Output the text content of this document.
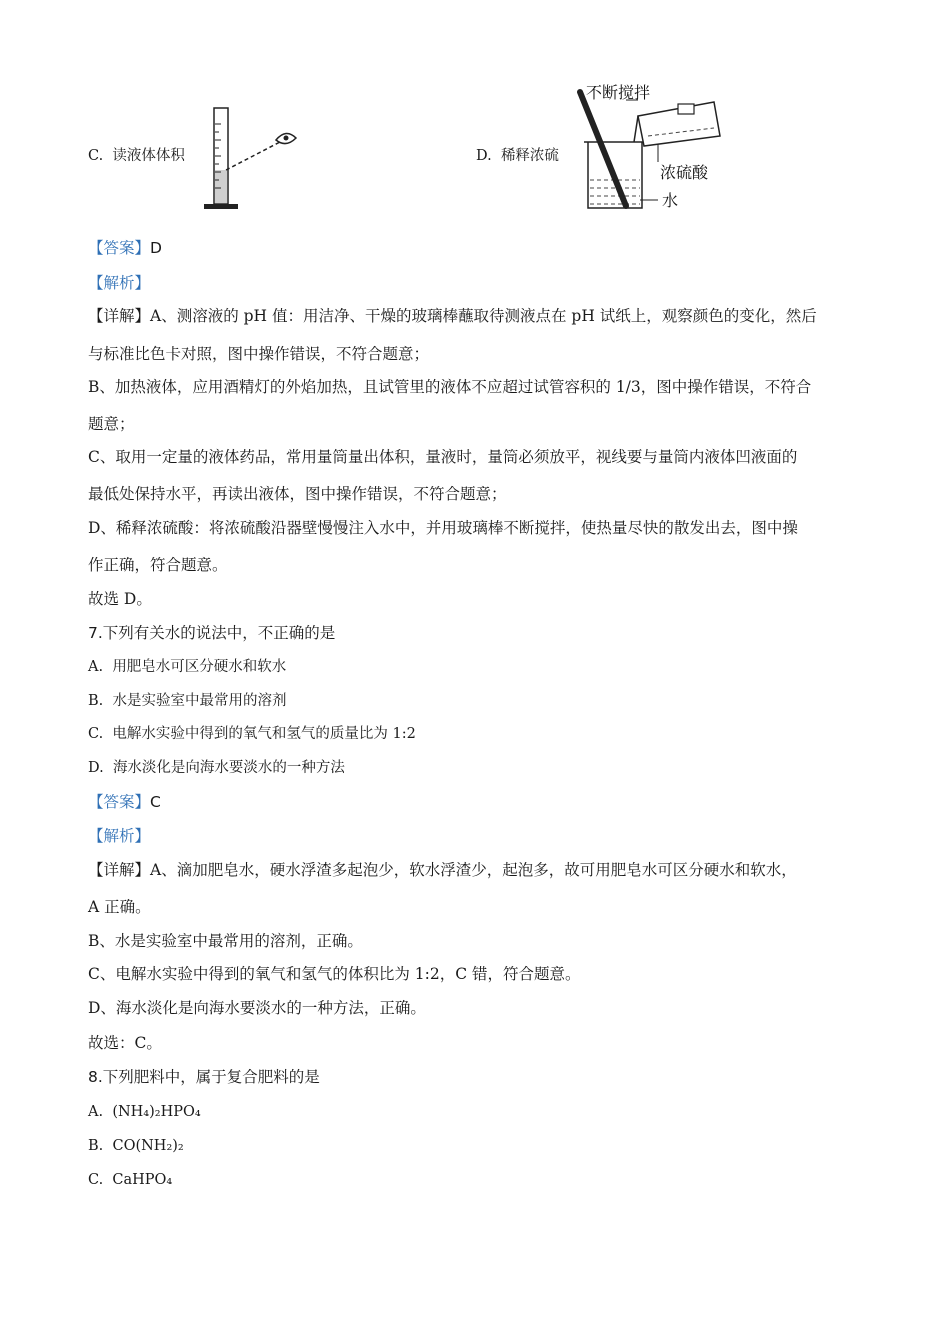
C. 读液体体积	D. 稀释浓硫
不断搅拌
浓硫酸
水
【答案】D
【解析】
【详解】A、测溶液的 pH 值：用洁净、干燥的玻璃棒蘸取待测液点在 pH 试纸上，观察颜色的变化，然后
与标准比色卡对照，图中操作错误，不符合题意；
B、加热液体，应用酒精灯的外焰加热，且试管里的液体不应超过试管容积的 1/3，图中操作错误，不符合
题意；
C、取用一定量的液体药品，常用量筒量出体积，量液时，量筒必须放平，视线要与量筒内液体凹液面的
最低处保持水平，再读出液体，图中操作错误，不符合题意；
D、稀释浓硫酸：将浓硫酸沿器壁慢慢注入水中，并用玻璃棒不断搅拌，使热量尽快的散发出去，图中操
作正确，符合题意。
故选 D。
7.下列有关水的说法中，不正确的是
A. 用肥皂水可区分硬水和软水
B. 水是实验室中最常用的溶剂
C. 电解水实验中得到的氧气和氢气的质量比为 1:2
D. 海水淡化是向海水要淡水的一种方法
【答案】C
【解析】
【详解】A、滴加肥皂水，硬水浮渣多起泡少，软水浮渣少，起泡多，故可用肥皂水可区分硬水和软水，
A 正确。
B、水是实验室中最常用的溶剂，正确。
C、电解水实验中得到的氧气和氢气的体积比为 1:2，C 错，符合题意。
D、海水淡化是向海水要淡水的一种方法，正确。
故选：C。
8.下列肥料中，属于复合肥料的是
A. (NH₄)₂HPO₄
B. CO(NH₂)₂
C. CaHPO₄
